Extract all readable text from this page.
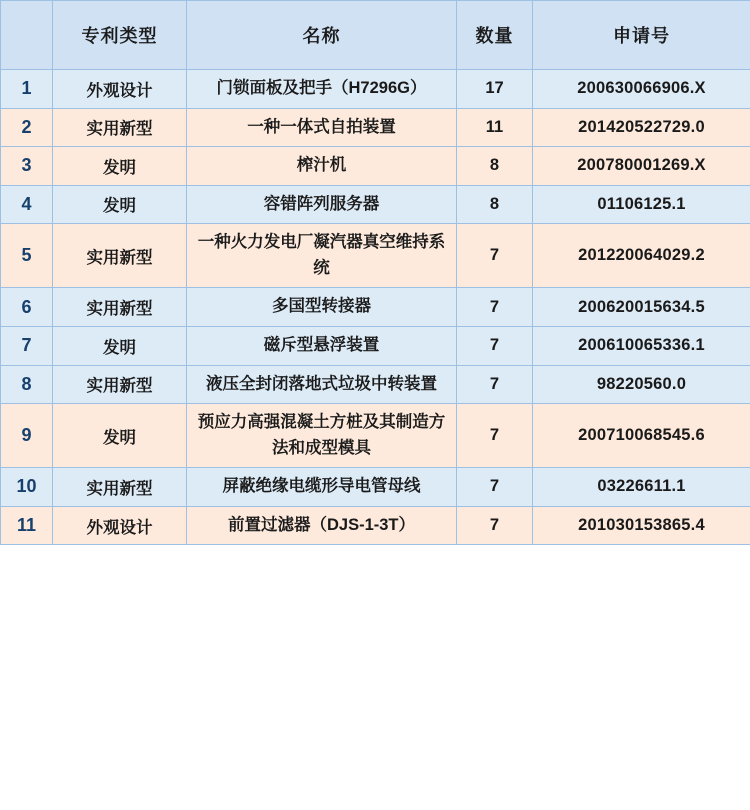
	专利类型	名称	数量	申请号
1	外观设计	门锁面板及把手（H7296G）	17	200630066906.X
2	实用新型	一种一体式自拍装置	11	201420522729.0
3	发明	榨汁机	8	200780001269.X
4	发明	容错阵列服务器	8	01106125.1
5	实用新型	一种火力发电厂凝汽器真空维持系统	7	201220064029.2
6	实用新型	多国型转接器	7	200620015634.5
7	发明	磁斥型悬浮装置	7	200610065336.1
8	实用新型	液压全封闭落地式垃圾中转装置	7	98220560.0
9	发明	预应力高强混凝土方桩及其制造方法和成型模具	7	200710068545.6
10	实用新型	屏蔽绝缘电缆形导电管母线	7	03226611.1
11	外观设计	前置过滤器（DJS-1-3T）	7	201030153865.4
